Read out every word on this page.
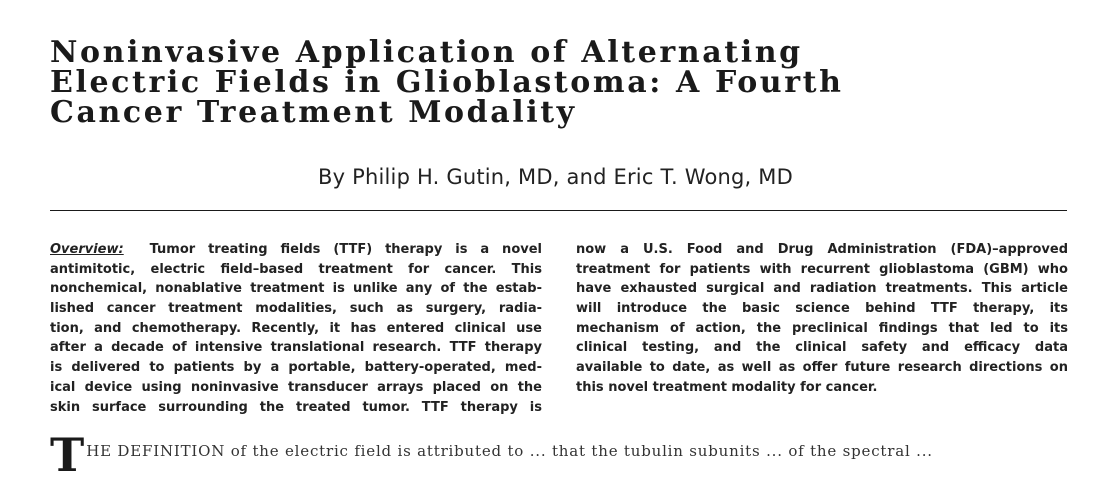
Noninvasive Application of Alternating
Electric Fields in Glioblastoma: A Fourth
Cancer Treatment Modality
By Philip H. Gutin, MD, and Eric T. Wong, MD
Overview: Tumor treating fields (TTF) therapy is a novel
antimitotic, electric field–based treatment for cancer. This
nonchemical, nonablative treatment is unlike any of the estab-
lished cancer treatment modalities, such as surgery, radia-
tion, and chemotherapy. Recently, it has entered clinical use
after a decade of intensive translational research. TTF therapy
is delivered to patients by a portable, battery-operated, med-
ical device using noninvasive transducer arrays placed on the
skin surface surrounding the treated tumor. TTF therapy is
now a U.S. Food and Drug Administration (FDA)–approved
treatment for patients with recurrent glioblastoma (GBM) who
have exhausted surgical and radiation treatments. This article
will introduce the basic science behind TTF therapy, its
mechanism of action, the preclinical findings that led to its
clinical testing, and the clinical safety and efficacy data
available to date, as well as offer future research directions on
this novel treatment modality for cancer.
T HE DEFINITION of the electric field is attributed to ... that the tubulin subunits ... of the spectral ...
